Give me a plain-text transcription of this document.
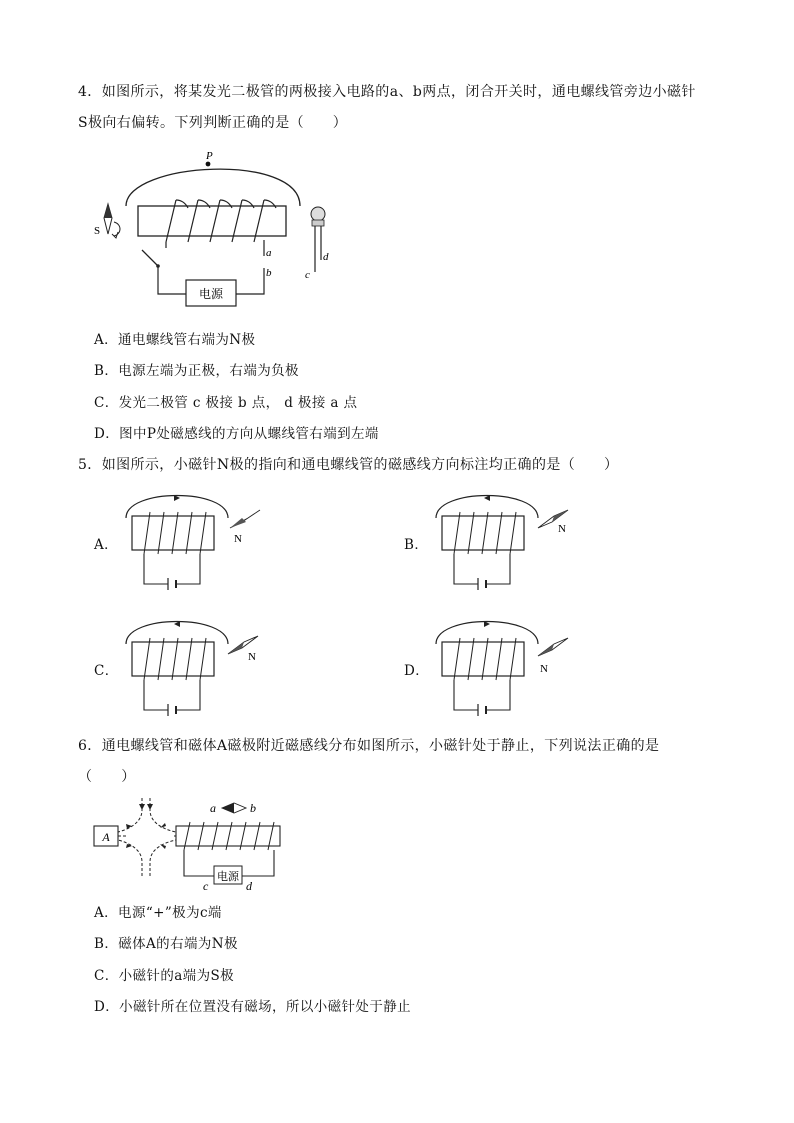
4．如图所示，将某发光二极管的两极接入电路的a、b两点，闭合开关时，通电螺线管旁边小磁针
S极向右偏转。下列判断正确的是（　　）
P
a
b
电源
S
d
c
A．通电螺线管右端为N极
B．电源左端为正极，右端为负极
C．发光二极管 c 极接 b 点， d 极接 a 点
D．图中P处磁感线的方向从螺线管右端到左端
5．如图所示，小磁针N极的指向和通电螺线管的磁感线方向标注均正确的是（　　）
A．	N	B．
N
C．
N
D．	N
6．通电螺线管和磁体A磁极附近磁感线分布如图所示，小磁针处于静止，下列说法正确的是
（　　）
A
a	b
电源
c	d
A．电源“+”极为c端
B．磁体A的右端为N极
C．小磁针的a端为S极
D．小磁针所在位置没有磁场，所以小磁针处于静止
